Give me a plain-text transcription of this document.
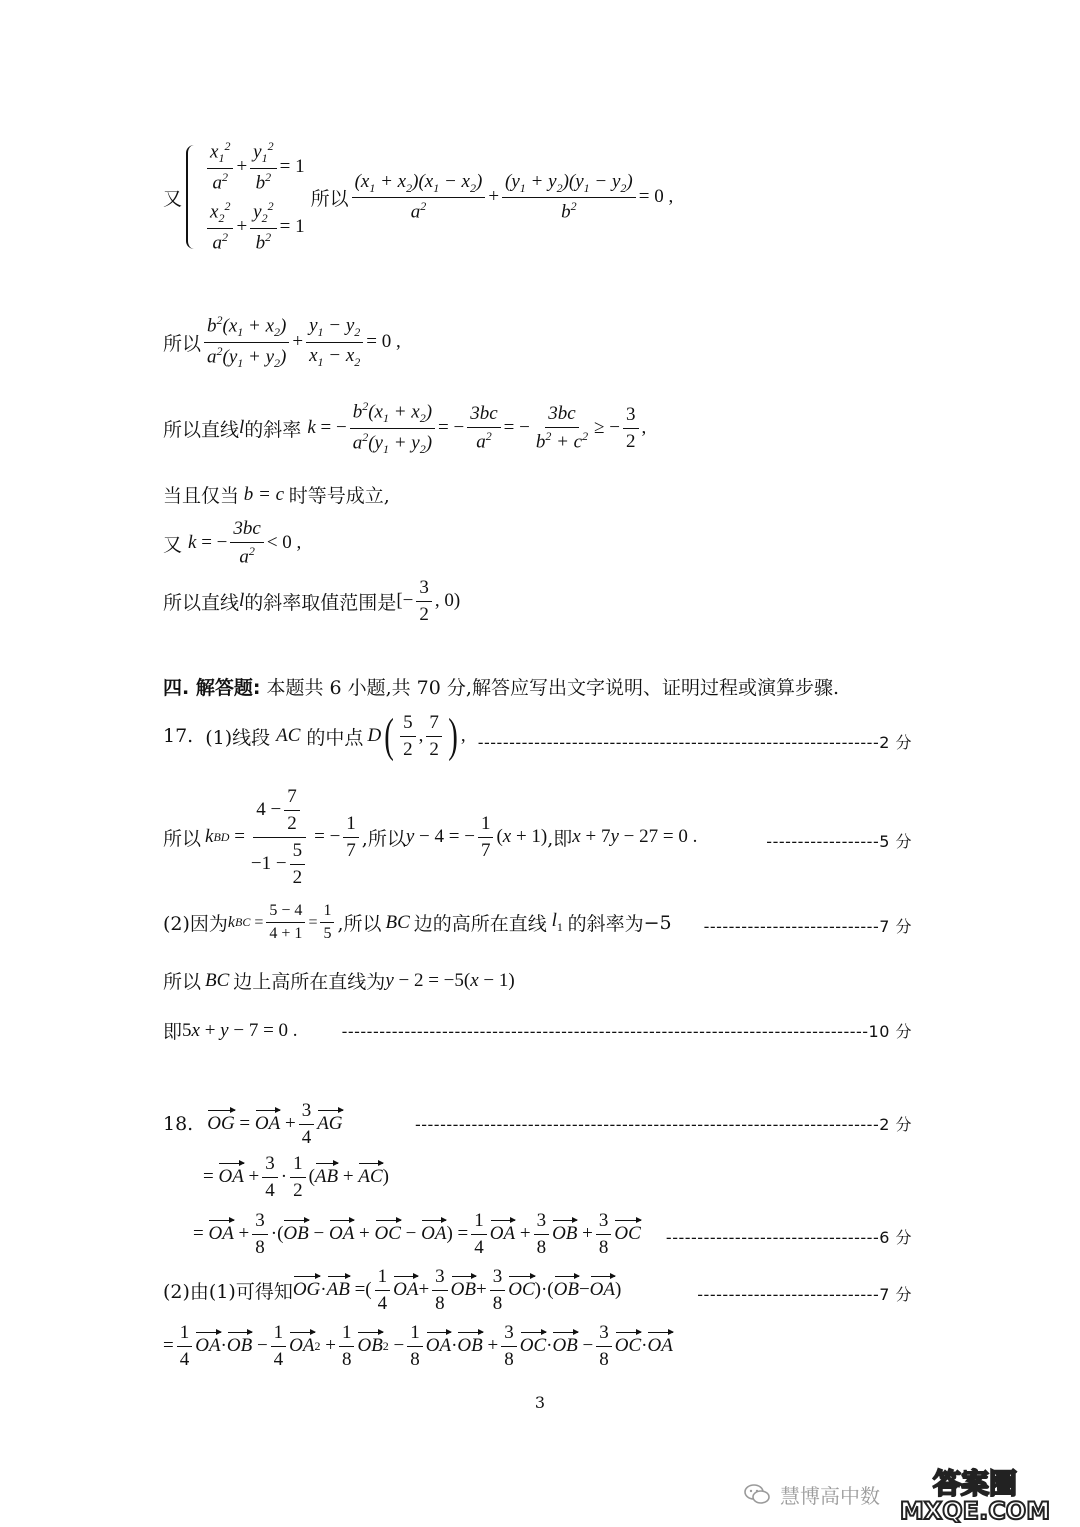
又
$\frac{x_1^2}{a^2} + \frac{y_1^2}{b^2} = 1$
$\frac{x_2^2}{a^2} + \frac{y_2^2}{b^2} = 1$
所以 $\frac{(x_1 + x_2)(x_1 - x_2)}{a^2} + \frac{(y_1 + y_2)(y_1 - y_2)}{b^2} = 0$ ,
所以 $\frac{b^2(x_1 + x_2)}{a^2(y_1 + y_2)} + \frac{y_1 - y_2}{x_1 - x_2} = 0$ ,
所以直线 l 的斜率 k = − $\frac{b^2(x_1 + x_2)}{a^2(y_1 + y_2)}$ = − $\frac{3bc}{a^2}$ = − $\frac{3bc}{b^2 + c^2}$ ≥ − $\frac{3}{2}$ ,
当且仅当 b = c 时等号成立,
又 k = − $\frac{3bc}{a^2} < 0$ ,
所以直线 l 的斜率取值范围是 [− $\frac{3}{2}$ , 0)
四. 解答题: 本题共 6 小题,共 70 分,解答应写出文字说明、证明过程或演算步骤.
17. (1)线段 AC 的中点 D ( $\frac{5}{2}$ , $\frac{7}{2}$ ) , ----------------------------------------------------------------2 分
所以 k BD = $\frac{4 - \frac{7}{2}}{-1 - \frac{5}{2}}$ = − $\frac{1}{7}$ ,所以 y − 4 = − $\frac{1}{7}$ ( x + 1) ,即 x + 7y − 27 = 0 .	------------------5 分
(2)因为 k BC = $\frac{5 - 4}{4 + 1} = \frac{1}{5}$ ,所以 BC 边的高所在直线 $l_1$ 的斜率为 −5 ----------------------------7 分
所以 BC 边上高所在直线为 y − 2 = −5(x − 1)
即 5x + y − 7 = 0 .	------------------------------------------------------------------------------------10 分
18. OG = OA + $\frac{3}{4}$ AG	--------------------------------------------------------------------------2 分
= OA + $\frac{3}{4} \cdot \frac{1}{2}$ ( AB + AC )
= OA + $\frac{3}{8}$ ·( OB − OA + OC − OA ) = $\frac{1}{4}$ OA + $\frac{3}{8}$ OB + $\frac{3}{8}$ OC ----------------------------------6 分
(2)由(1)可得知 OG · AB =( $\frac{1}{4}$ OA + $\frac{3}{8}$ OB + $\frac{3}{8}$ OC )·( OB − OA )	-----------------------------7 分
= $\frac{1}{4}$ OA · OB − $\frac{1}{4}$ OA $2 + \frac{1}{8}$ OB $2 - \frac{1}{8}$ OA · OB + $\frac{3}{8}$ OC · OB − $\frac{3}{8}$ OC · OA
3
慧博高中数 答案圈
MXQE.COM
